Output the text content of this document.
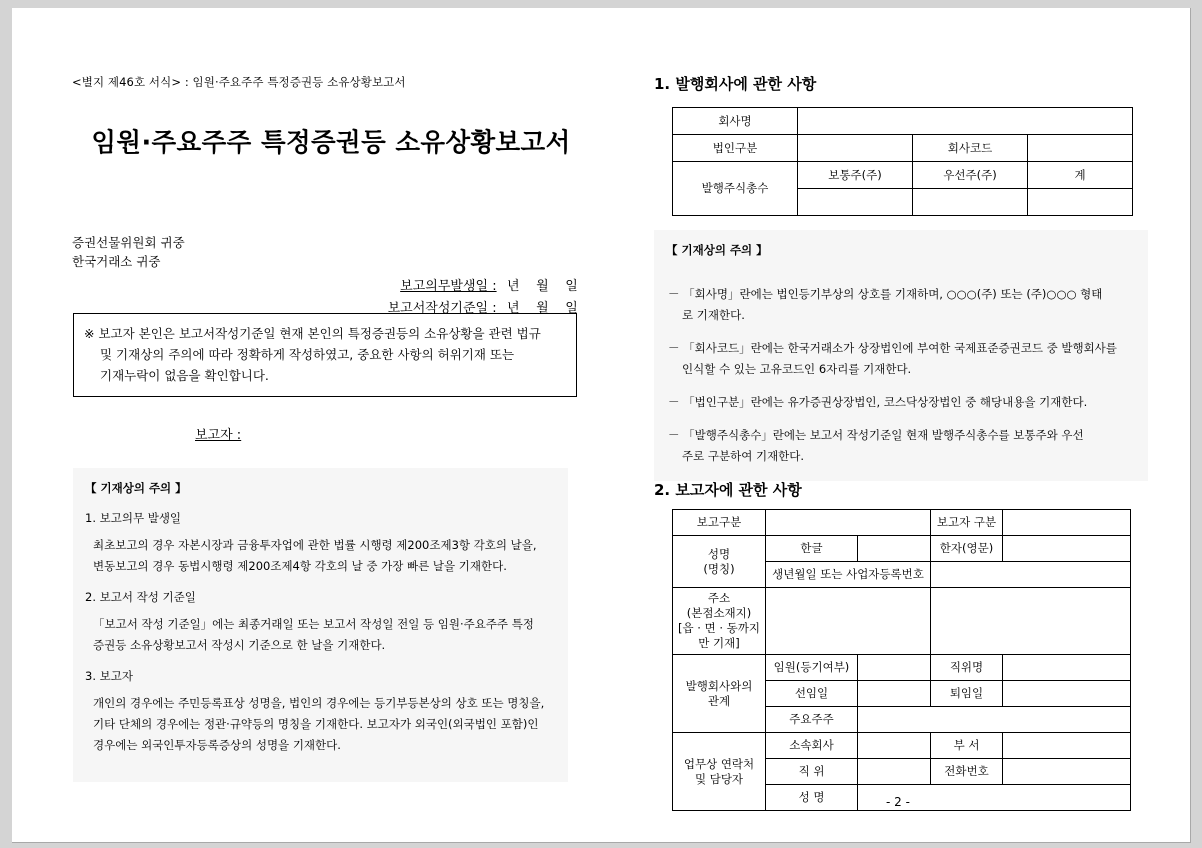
<별지 제46호 서식> : 임원·주요주주 특정증권등 소유상황보고서
임원·주요주주 특정증권등 소유상황보고서
증권선물위원회 귀중
한국거래소 귀중
보고의무발생일 : 년 월 일
보고서작성기준일 : 년 월 일
※ 보고자 본인은 보고서작성기준일 현재 본인의 특정증권등의 소유상황을 관련 법규
및 기재상의 주의에 따라 정확하게 작성하였고, 중요한 사항의 허위기재 또는
기재누락이 없음을 확인합니다.
보고자 :
【 기재상의 주의 】
1. 보고의무 발생일
최초보고의 경우 자본시장과 금융투자업에 관한 법률 시행령 제200조제3항 각호의 날을,
변동보고의 경우 동법시행령 제200조제4항 각호의 날 중 가장 빠른 날을 기재한다.
2. 보고서 작성 기준일
「보고서 작성 기준일」에는 최종거래일 또는 보고서 작성일 전일 등 임원·주요주주 특정
증권등 소유상황보고서 작성시 기준으로 한 날을 기재한다.
3. 보고자
개인의 경우에는 주민등록표상 성명을, 법인의 경우에는 등기부등본상의 상호 또는 명칭을,
기타 단체의 경우에는 정관·규약등의 명칭을 기재한다. 보고자가 외국인(외국법인 포함)인
경우에는 외국인투자등록증상의 성명을 기재한다.
1. 발행회사에 관한 사항
회사명			
법인구분		회사코드	
발행주식총수	보통주(주)	우선주(주)	계

【 기재상의 주의 】
－ 「회사명」란에는 법인등기부상의 상호를 기재하며, ○○○(주) 또는 (주)○○○ 형태
로 기재한다.
－ 「회사코드」란에는 한국거래소가 상장법인에 부여한 국제표준증권코드 중 발행회사를
인식할 수 있는 고유코드인 6자리를 기재한다.
－ 「법인구분」란에는 유가증권상장법인, 코스닥상장법인 중 해당내용을 기재한다.
－ 「발행주식총수」란에는 보고서 작성기준일 현재 발행주식총수를 보통주와 우선
주로 구분하여 기재한다.
2. 보고자에 관한 사항
보고구분			보고자 구분	

성명
(명칭)	한글		한자(영문)	
	생년월일 또는 사업자등록번호			

주소(본점소재지)
[읍 · 면 · 동까지
만 기재]				

발행회사와의
관계	임원(등기여부)		직위명	
	선임일		퇴임일	
	주요주주			

업무상 연락처
및 담당자	소속회사		부 서	
	직 위		전화번호	
	성 명				- 2 -
